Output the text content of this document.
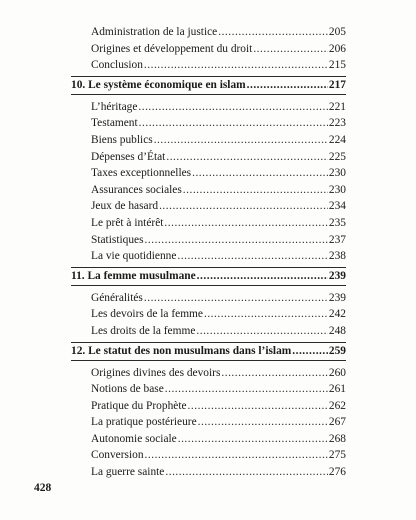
Administration de la justice .....	205
Origines et développement du droit .....	206
Conclusion .....	215
10. Le système économique en islam .....	217
L’héritage .....	221
Testament .....	223
Biens publics .....	224
Dépenses d’État .....	225
Taxes exceptionnelles .....	230
Assurances sociales .....	230
Jeux de hasard .....	234
Le prêt à intérêt .....	235
Statistiques .....	237
La vie quotidienne .....	238
11. La femme musulmane .....	239
Généralités .....	239
Les devoirs de la femme .....	242
Les droits de la femme .....	248
12. Le statut des non musulmans dans l’islam .....	259
Origines divines des devoirs .....	260
Notions de base .....	261
Pratique du Prophète .....	262
La pratique postérieure .....	267
Autonomie sociale .....	268
Conversion .....	275
La guerre sainte .....	276
428
